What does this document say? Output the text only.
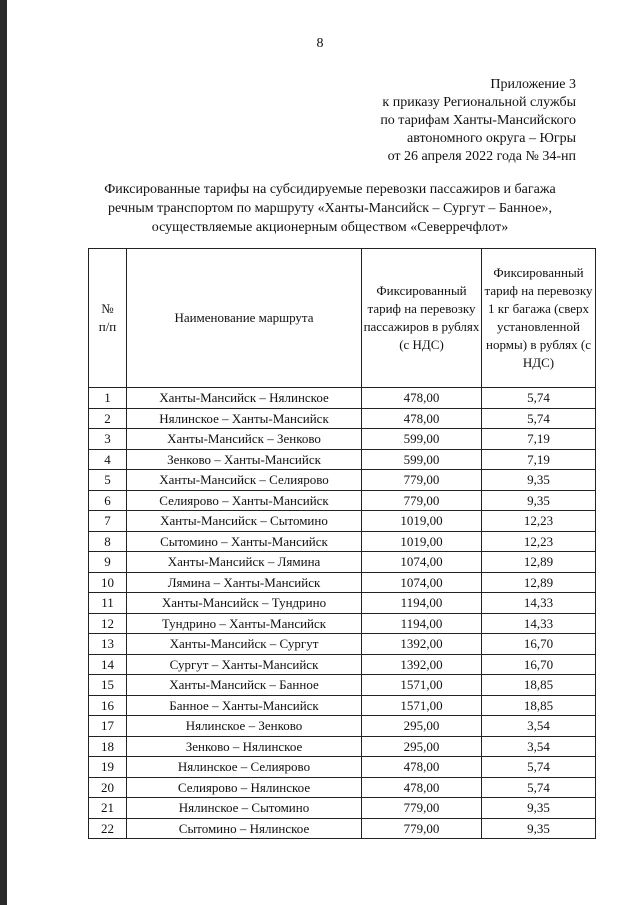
8
Приложение 3
к приказу Региональной службы
по тарифам Ханты-Мансийского
автономного округа – Югры
от 26 апреля 2022 года № 34-нп
Фиксированные тарифы на субсидируемые перевозки пассажиров и багажа
речным транспортом по маршруту «Ханты-Мансийск – Сургут – Банное»,
осуществляемые акционерным обществом «Северречфлот»
№
п/п	Наименование маршрута	Фиксированный тариф на перевозку пассажиров в рублях (с НДС)	Фиксированный тариф на перевозку 1 кг багажа (сверх установленной нормы) в рублях (с НДС)
1	Ханты-Мансийск – Нялинское	478,00	5,74
2	Нялинское – Ханты-Мансийск	478,00	5,74
3	Ханты-Мансийск – Зенково	599,00	7,19
4	Зенково – Ханты-Мансийск	599,00	7,19
5	Ханты-Мансийск – Селиярово	779,00	9,35
6	Селиярово – Ханты-Мансийск	779,00	9,35
7	Ханты-Мансийск – Сытомино	1019,00	12,23
8	Сытомино – Ханты-Мансийск	1019,00	12,23
9	Ханты-Мансийск – Лямина	1074,00	12,89
10	Лямина – Ханты-Мансийск	1074,00	12,89
11	Ханты-Мансийск – Тундрино	1194,00	14,33
12	Тундрино – Ханты-Мансийск	1194,00	14,33
13	Ханты-Мансийск – Сургут	1392,00	16,70
14	Сургут – Ханты-Мансийск	1392,00	16,70
15	Ханты-Мансийск – Банное	1571,00	18,85
16	Банное – Ханты-Мансийск	1571,00	18,85
17	Нялинское – Зенково	295,00	3,54
18	Зенково – Нялинское	295,00	3,54
19	Нялинское – Селиярово	478,00	5,74
20	Селиярово – Нялинское	478,00	5,74
21	Нялинское – Сытомино	779,00	9,35
22	Сытомино – Нялинское	779,00	9,35
